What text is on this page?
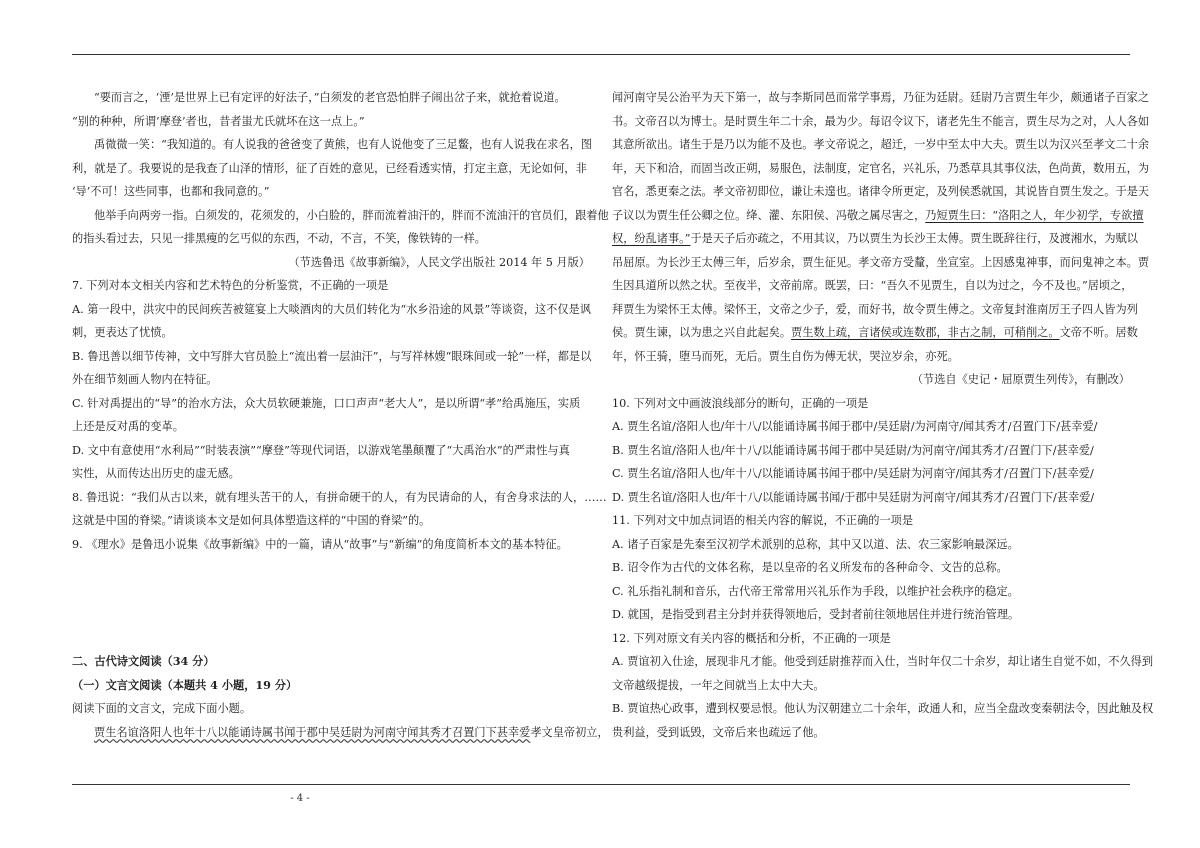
“要而言之，‘湮’是世界上已有定评的好法子，”白须发的老官恐怕胖子闹出岔子来，就抢着说道。

“别的种种，所谓‘摩登’者也，昔者蚩尤氏就坏在这一点上。”

禹微微一笑：“我知道的。有人说我的爸爸变了黄熊，也有人说他变了三足鳖，也有人说我在求名，图

利，就是了。我要说的是我查了山泽的情形，征了百姓的意见，已经看透实情，打定主意，无论如何，非

‘导’不可！这些同事，也都和我同意的。”

他举手向两旁一指。白须发的，花须发的，小白脸的，胖而流着油汗的，胖而不流油汗的官员们，跟着他

的指头看过去，只见一排黑瘦的乞丐似的东西，不动，不言，不笑，像铁铸的一样。

（节选鲁迅《故事新编》，人民文学出版社 2014 年 5 月版）

7. 下列对本文相关内容和艺术特色的分析鉴赏，不正确的一项是

A. 第一段中，洪灾中的民间疾苦被筵宴上大啖酒肉的大员们转化为“水乡沿途的风景”等谈资，这不仅是讽

刺，更表达了忧愤。

B. 鲁迅善以细节传神，文中写胖大官员脸上“流出着一层油汗”，与写祥林嫂“眼珠间或一轮”一样，都是以

外在细节刻画人物内在特征。

C. 针对禹提出的“导”的治水方法，众大员软硬兼施，口口声声“老大人”，是以所谓“孝”给禹施压，实质

上还是反对禹的变革。

D. 文中有意使用“水利局”“时装表演”“摩登”等现代词语，以游戏笔墨颠覆了“大禹治水”的严肃性与真

实性，从而传达出历史的虚无感。

8. 鲁迅说：“我们从古以来，就有埋头苦干的人，有拼命硬干的人，有为民请命的人，有舍身求法的人，……

这就是中国的脊梁。”请谈谈本文是如何具体塑造这样的“中国的脊梁”的。

9. 《理水》是鲁迅小说集《故事新编》中的一篇，请从“故事”与“新编”的角度简析本文的基本特征。

二、古代诗文阅读（34 分）

（一）文言文阅读（本题共 4 小题，19 分）

阅读下面的文言文，完成下面小题。

贾生名谊洛阳人也年十八以能诵诗属书闻于郡中吴廷尉为河南守闻其秀才召置门下甚幸爱孝文皇帝初立，

闻河南守吴公治平为天下第一，故与李斯同邑而常学事焉，乃征为廷尉。廷尉乃言贾生年少，颇通诸子百家之

书。文帝召以为博士。是时贾生年二十余，最为少。每诏令议下，诸老先生不能言，贾生尽为之对，人人各如

其意所欲出。诸生于是乃以为能不及也。孝文帝说之，超迁，一岁中至太中大夫。贾生以为汉兴至孝文二十余

年，天下和洽，而固当改正朔，易服色，法制度，定官名，兴礼乐，乃悉草具其事仪法，色尚黄，数用五，为

官名，悉更秦之法。孝文帝初即位，谦让未遑也。诸律令所更定，及列侯悉就国，其说皆自贾生发之。于是天

子议以为贾生任公卿之位。绛、灌、东阳侯、冯敬之属尽害之，乃短贾生曰：“洛阳之人，年少初学，专欲擅

权，纷乱诸事。”于是天子后亦疏之，不用其议，乃以贾生为长沙王太傅。贾生既辞往行，及渡湘水，为赋以

吊屈原。为长沙王太傅三年，后岁余，贾生征见。孝文帝方受釐，坐宣室。上因感鬼神事，而问鬼神之本。贾

生因具道所以然之状。至夜半，文帝前席。既罢，曰：“吾久不见贾生，自以为过之，今不及也。”居顷之，

拜贾生为梁怀王太傅。梁怀王，文帝之少子，爱，而好书，故令贾生傅之。文帝复封淮南厉王子四人皆为列

侯。贾生谏，以为患之兴自此起矣。贾生数上疏，言诸侯或连数郡，非古之制，可稍削之。文帝不听。居数

年，怀王骑，堕马而死，无后。贾生自伤为傅无状，哭泣岁余，亦死。

（节选自《史记・屈原贾生列传》，有删改）

10. 下列对文中画波浪线部分的断句，正确的一项是

A. 贾生名谊/洛阳人也/年十八/以能诵诗属书闻于郡中/吴廷尉/为河南守/闻其秀才/召置门下/甚幸爱/

B. 贾生名谊/洛阳人也/年十八/以能诵诗属书闻于郡中吴廷尉/为河南守/闻其秀才/召置门下/甚幸爱/

C. 贾生名谊/洛阳人也/年十八/以能诵诗属书闻于郡中/吴廷尉为河南守/闻其秀才/召置门下/甚幸爱/

D. 贾生名谊/洛阳人也/年十八/以能诵诗属书闻/于郡中吴廷尉为河南守/闻其秀才/召置门下/甚幸爱/

11. 下列对文中加点词语的相关内容的解说，不正确的一项是

A. 诸子百家是先秦至汉初学术派别的总称，其中又以道、法、农三家影响最深远。

B. 诏令作为古代的文体名称，是以皇帝的名义所发布的各种命令、文告的总称。

C. 礼乐指礼制和音乐，古代帝王常常用兴礼乐作为手段，以维护社会秩序的稳定。

D. 就国，是指受到君主分封并获得领地后，受封者前往领地居住并进行统治管理。

12. 下列对原文有关内容的概括和分析，不正确的一项是

A. 贾谊初入仕途，展现非凡才能。他受到廷尉推荐而入仕，当时年仅二十余岁，却让诸生自觉不如，不久得到

文帝越级提拔，一年之间就当上太中大夫。

B. 贾谊热心政事，遭到权要忌恨。他认为汉朝建立二十余年，政通人和，应当全盘改变秦朝法令，因此触及权

贵利益，受到诋毁，文帝后来也疏远了他。

- 4 -
